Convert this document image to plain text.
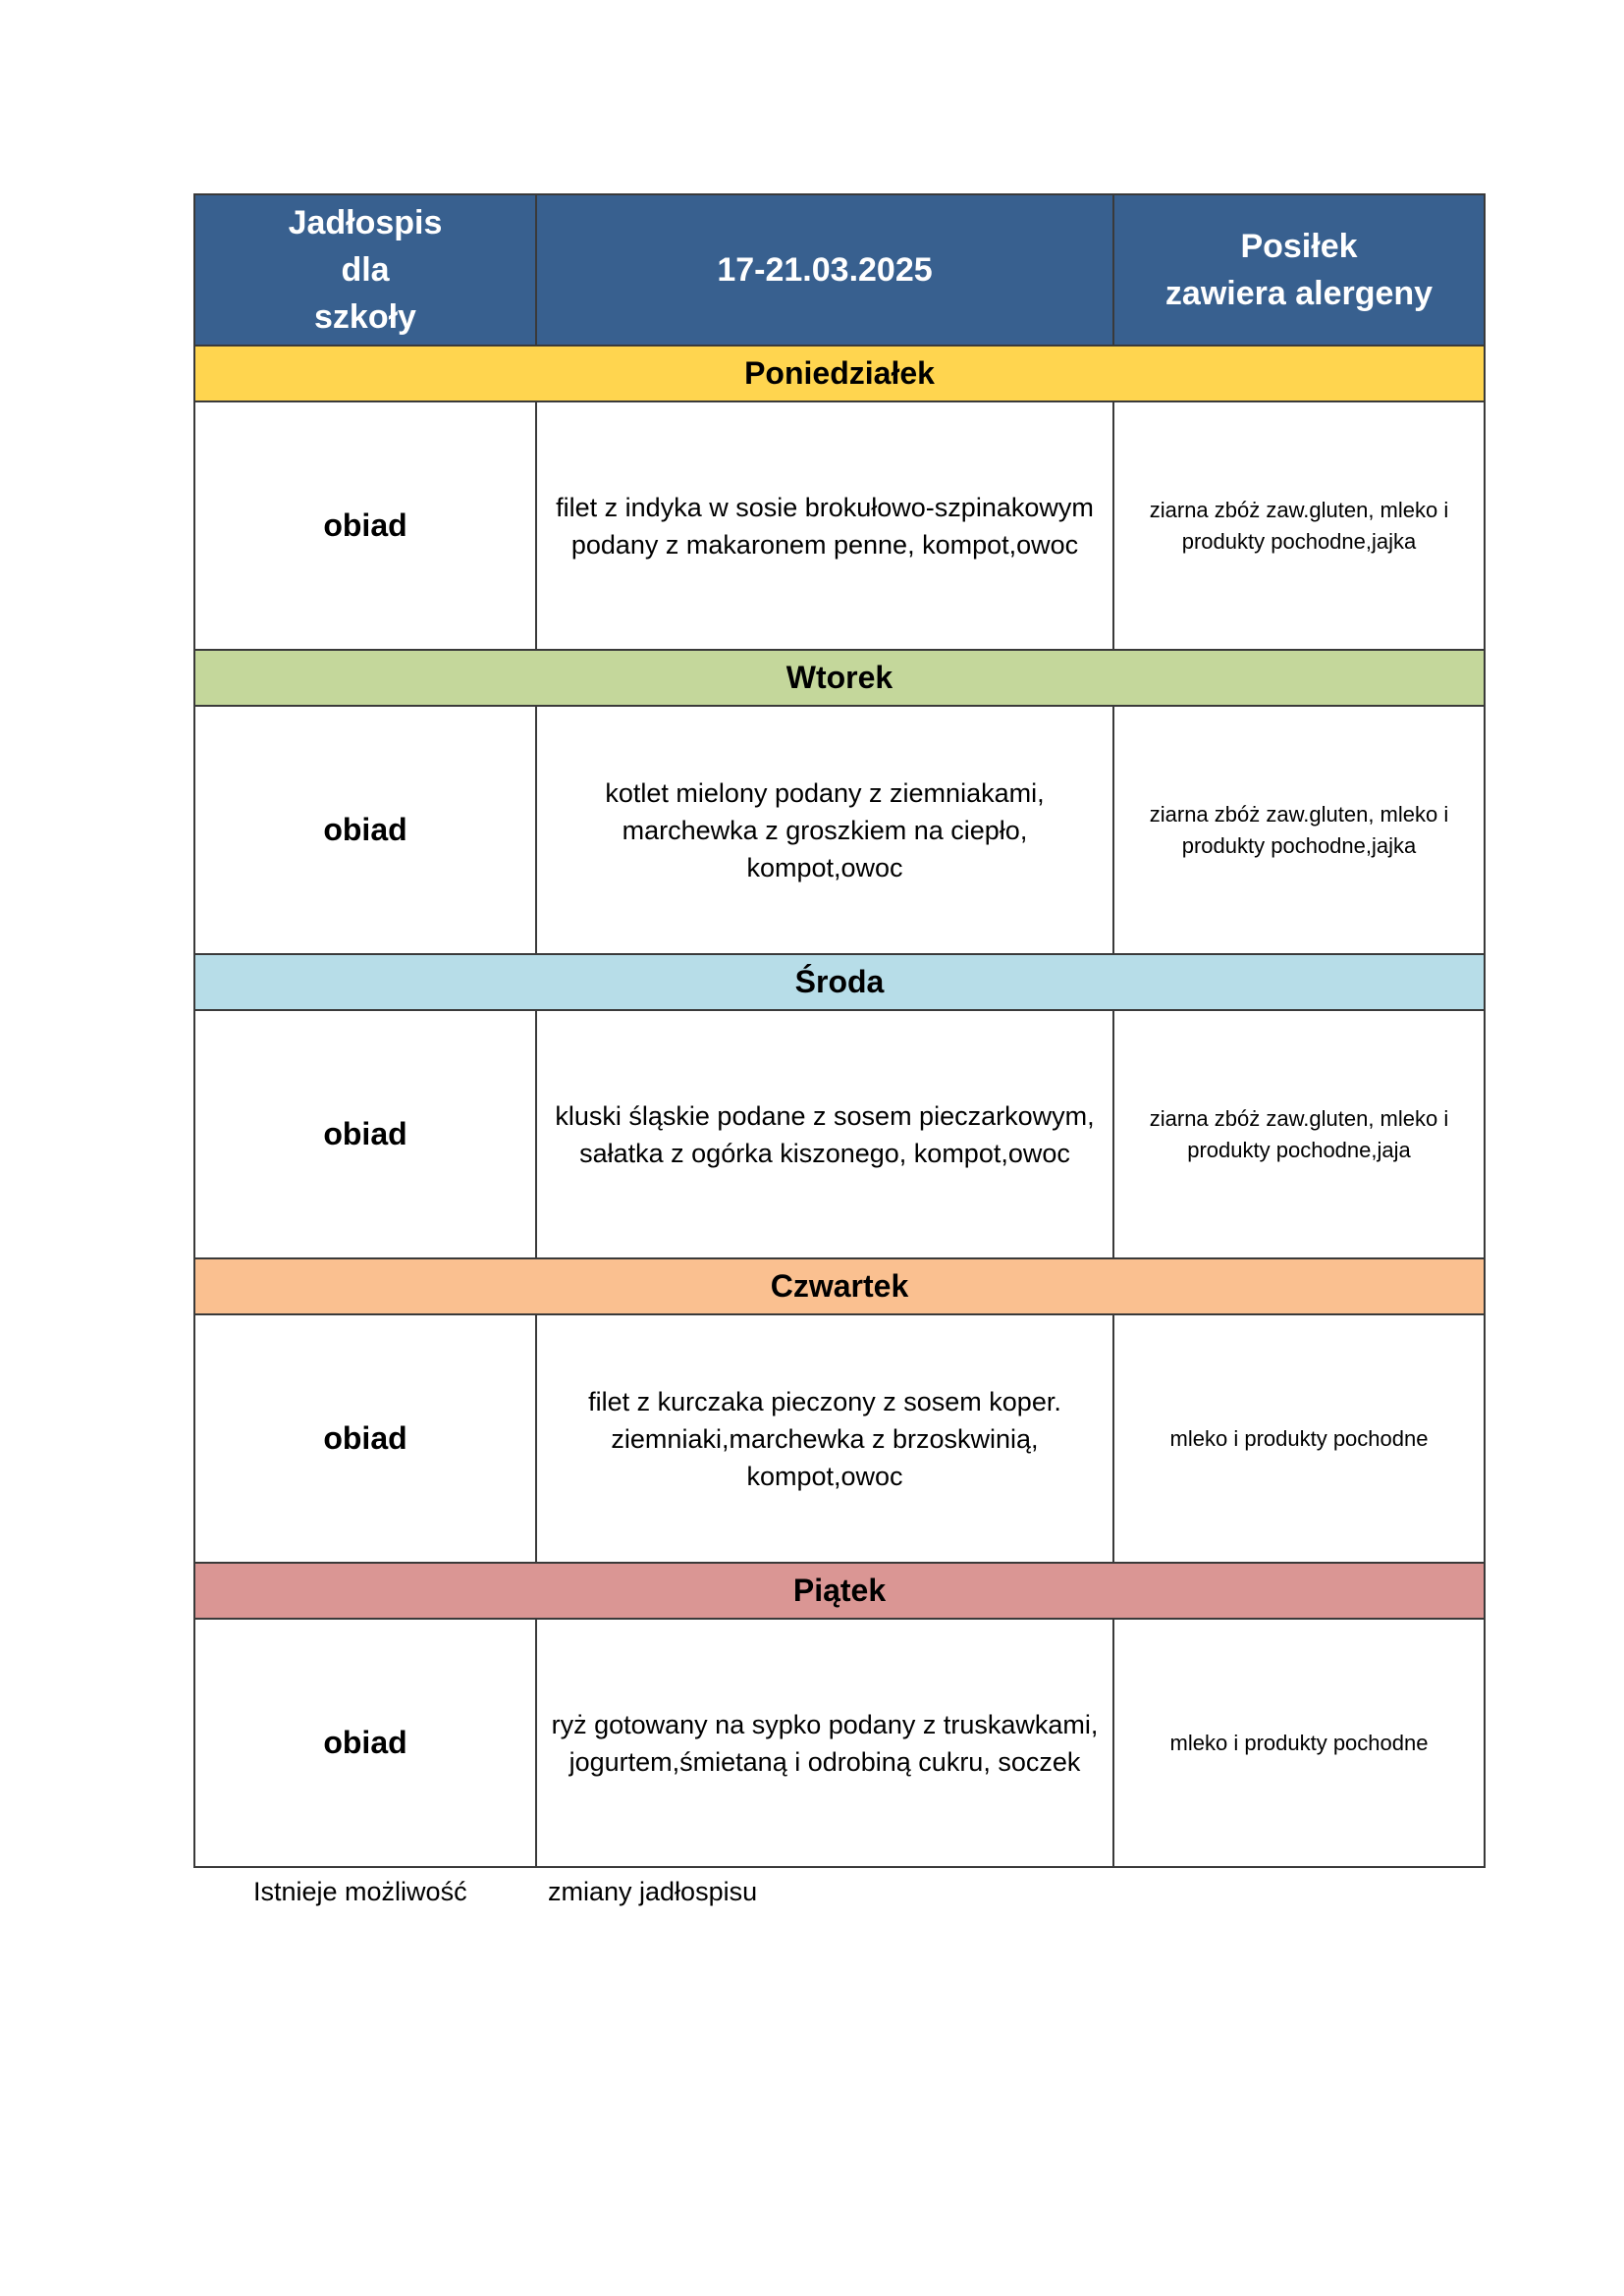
Jadłospis
dla
szkoły	17-21.03.2025	Posiłek
zawiera alergeny

Poniedziałek		
obiad	filet z indyka w sosie brokułowo-szpinakowym podany z makaronem penne, kompot,owoc	ziarna zbóż zaw.gluten, mleko i produkty pochodne,jajka
Wtorek		
obiad	kotlet mielony podany z ziemniakami, marchewka z groszkiem na ciepło, kompot,owoc	ziarna zbóż zaw.gluten, mleko i produkty pochodne,jajka
Środa		
obiad	kluski śląskie podane z sosem pieczarkowym, sałatka z ogórka kiszonego, kompot,owoc	ziarna zbóż zaw.gluten, mleko i produkty pochodne,jaja
Czwartek		
obiad	filet z kurczaka pieczony z sosem koper. ziemniaki,marchewka z brzoskwinią, kompot,owoc	mleko i produkty pochodne
Piątek		
obiad	ryż gotowany na sypko podany z truskawkami, jogurtem,śmietaną i odrobiną cukru, soczek	mleko i produkty pochodne
Istnieje możliwość	zmiany jadłospisu
